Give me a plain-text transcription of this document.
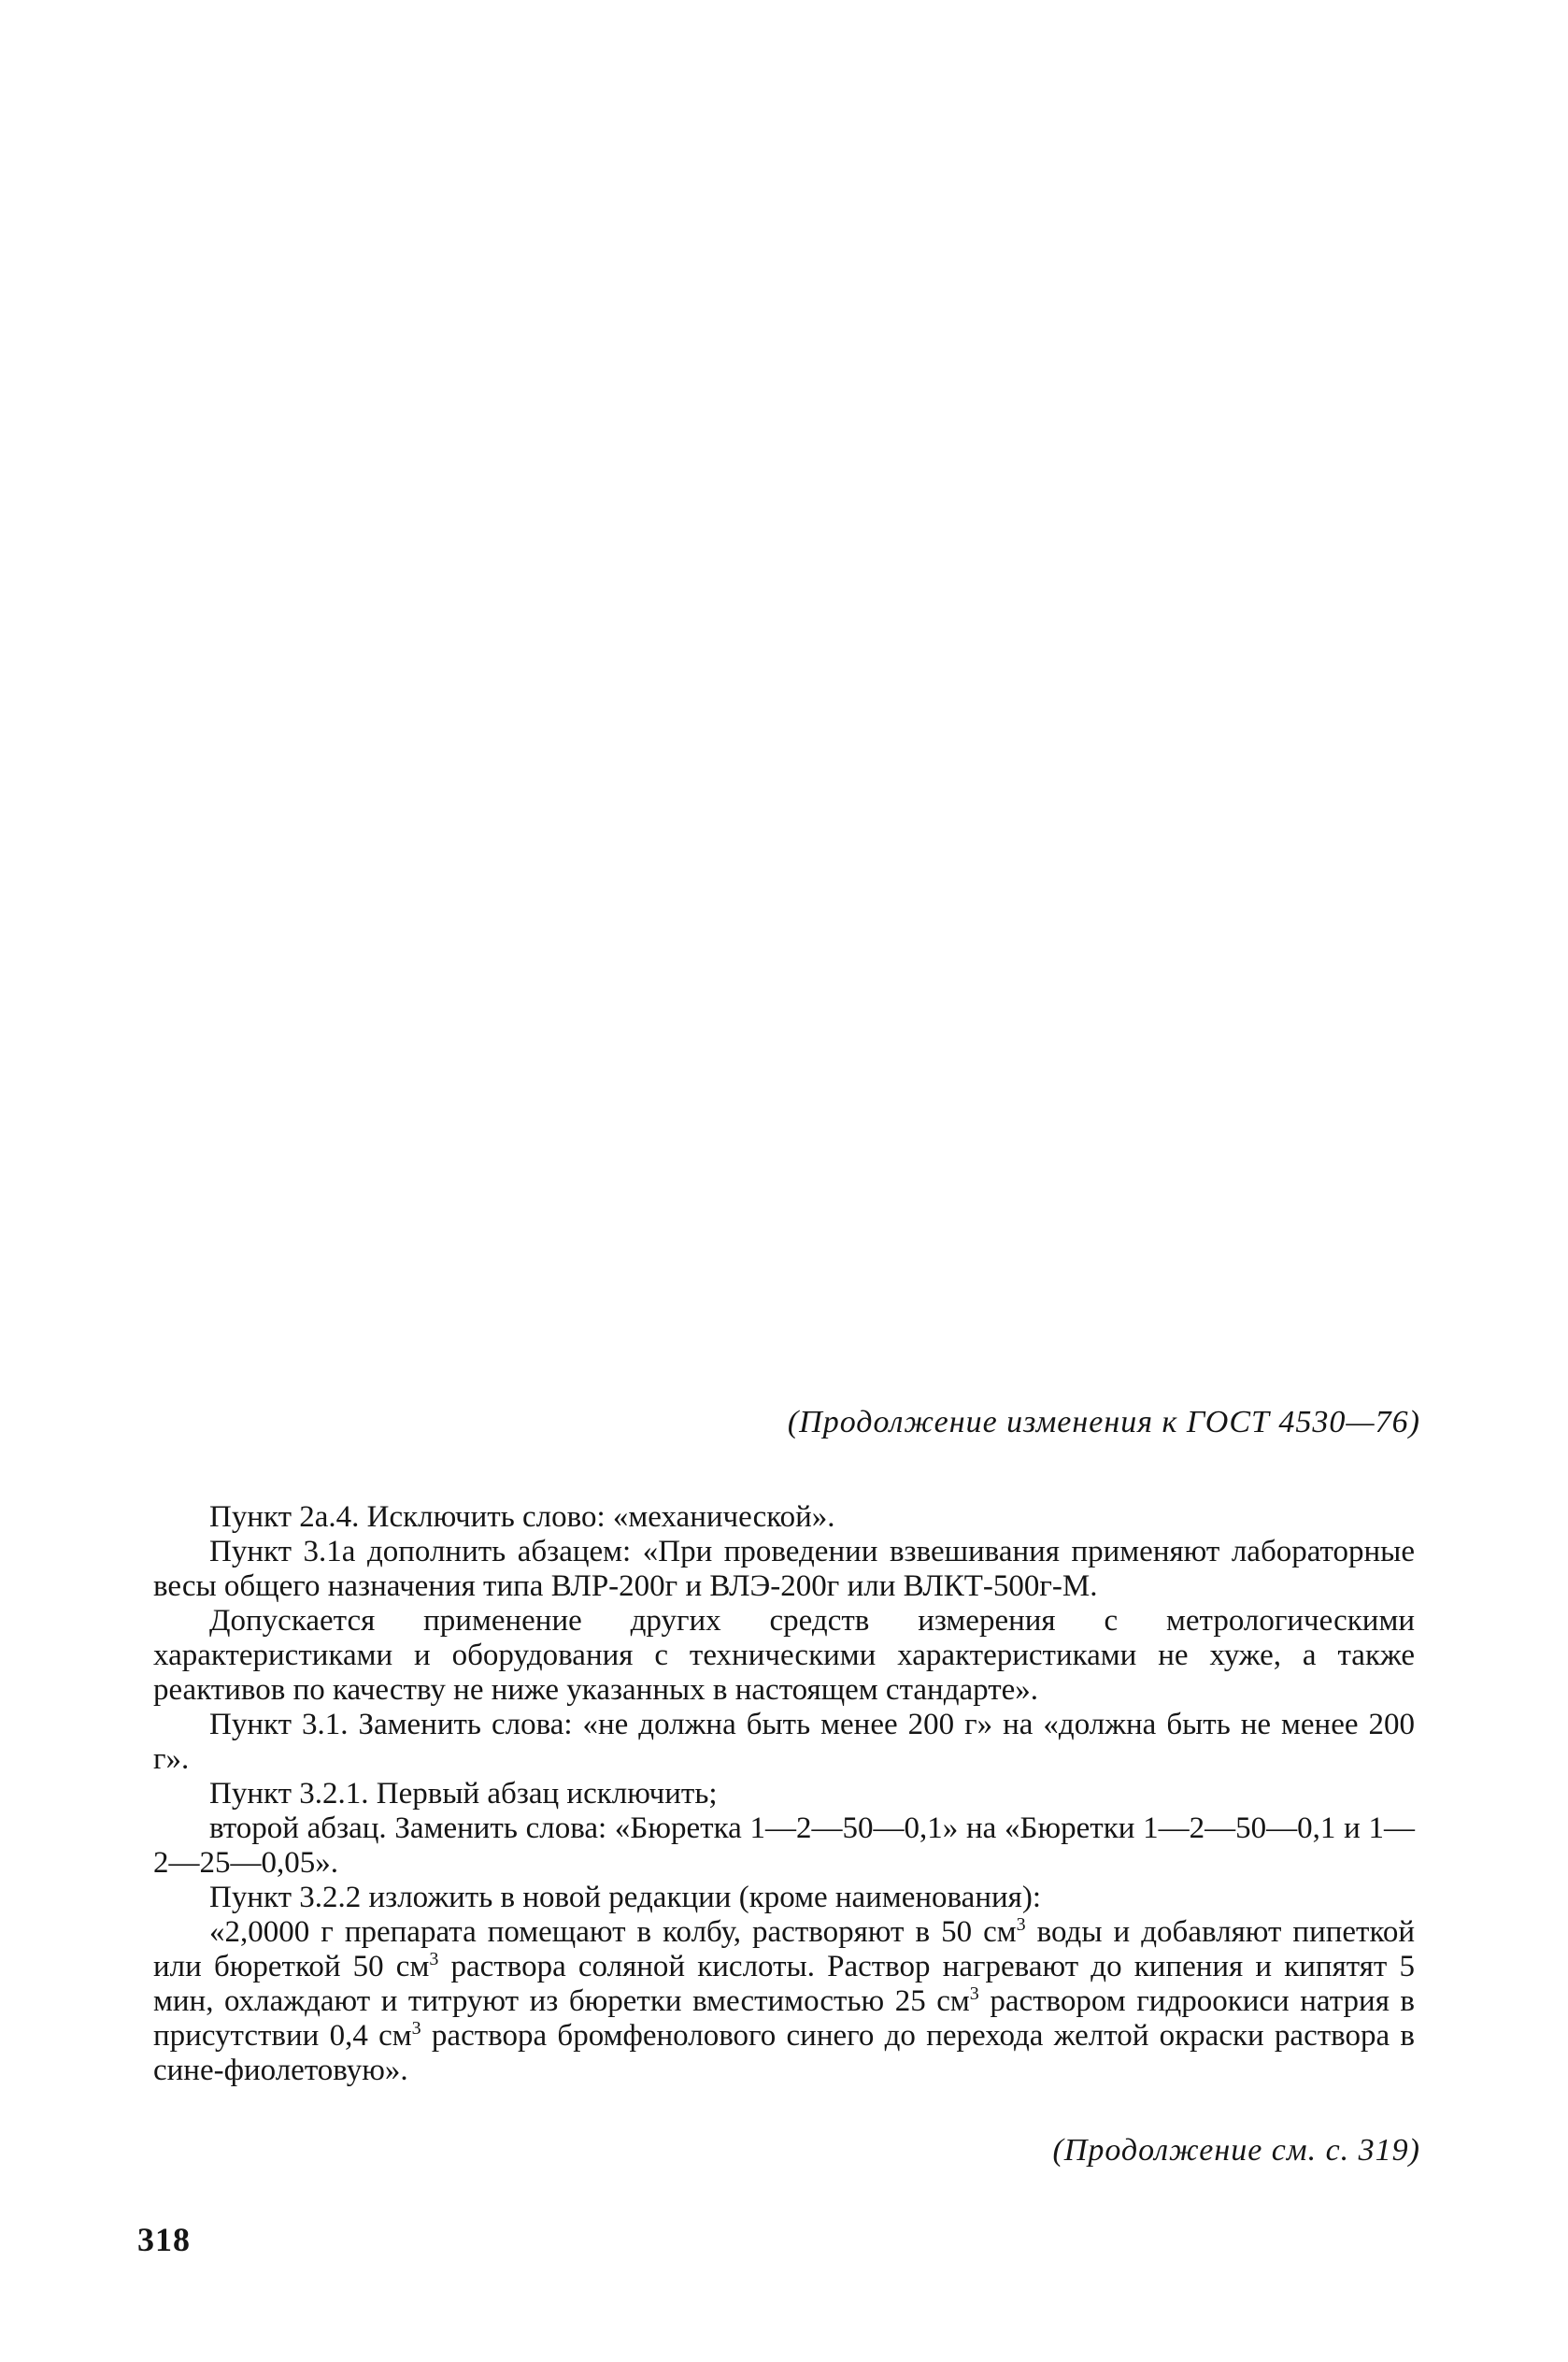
(Продолжение изменения к ГОСТ 4530—76)

Пункт 2а.4. Исключить слово: «механической».

Пункт 3.1а дополнить абзацем: «При проведении взвешивания применяют лабораторные весы общего назначения типа ВЛР-200г и ВЛЭ-200г или ВЛКТ-500г-М.

Допускается применение других средств измерения с метрологическими характеристиками и оборудования с техническими характеристиками не хуже, а также реактивов по качеству не ниже указанных в настоящем стандарте».

Пункт 3.1. Заменить слова: «не должна быть менее 200 г» на «должна быть не менее 200 г».

Пункт 3.2.1. Первый абзац исключить;

второй абзац. Заменить слова: «Бюретка 1—2—50—0,1» на «Бюретки 1—2—50—0,1 и 1—2—25—0,05».

Пункт 3.2.2 изложить в новой редакции (кроме наименования):

«2,0000 г препарата помещают в колбу, растворяют в 50 $см^3$ воды и добавляют пипеткой или бюреткой 50 $см^3$ раствора соляной кислоты. Раствор нагревают до кипения и кипятят 5 мин, охлаждают и титруют из бюретки вместимостью 25 $см^3$ раствором гидроокиси натрия в присутствии 0,4 $см^3$ раствора бромфенолового синего до перехода желтой окраски раствора в сине-фиолетовую».

(Продолжение см. с. 319)
318
